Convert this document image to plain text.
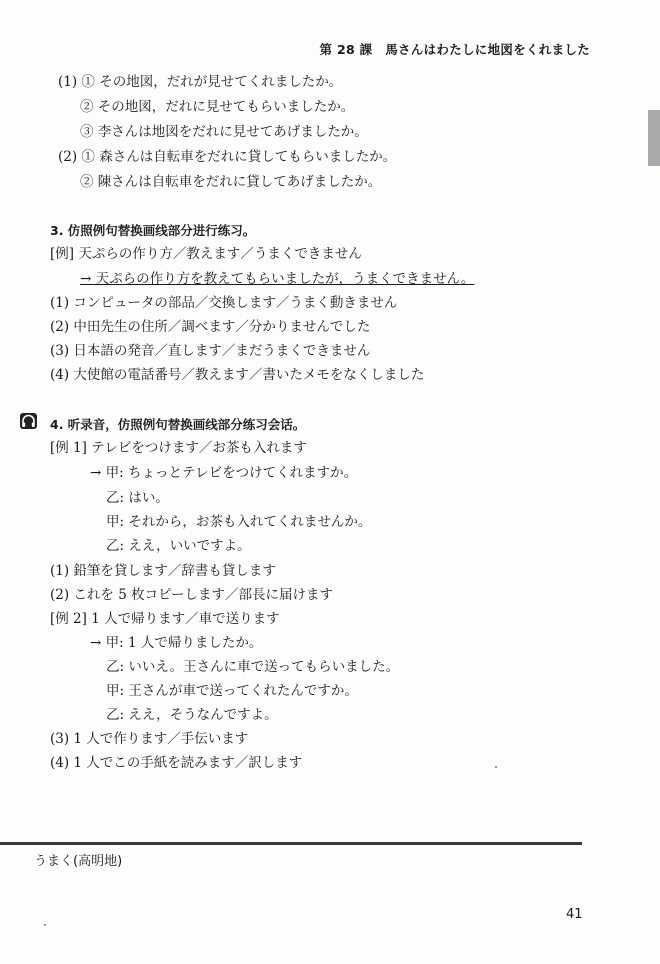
第 28 課　馬さんはわたしに地図をくれました
(1) ① その地図，だれが見せてくれましたか。
② その地図，だれに見せてもらいましたか。
③ 李さんは地図をだれに見せてあげましたか。
(2) ① 森さんは自転車をだれに貸してもらいましたか。
② 陳さんは自転車をだれに貸してあげましたか。
3. 仿照例句替换画线部分进行练习。
[例] 天ぷらの作り方／教えます／うまくできません
→ 天ぷらの作り方を教えてもらいましたが，うまくできません。
(1) コンピュータの部品／交換します／うまく動きません
(2) 中田先生の住所／調べます／分かりませんでした
(3) 日本語の発音／直します／まだうまくできません
(4) 大使館の電話番号／教えます／書いたメモをなくしました
4. 听录音，仿照例句替换画线部分练习会话。
[例 1] テレビをつけます／お茶も入れます
→ 甲: ちょっとテレビをつけてくれますか。
乙: はい。
甲: それから，お茶も入れてくれませんか。
乙: ええ，いいですよ。
(1) 鉛筆を貸します／辞書も貸します
(2) これを 5 枚コピーします／部長に届けます
[例 2] 1 人で帰ります／車で送ります
→ 甲: 1 人で帰りましたか。
乙: いいえ。王さんに車で送ってもらいました。
甲: 王さんが車で送ってくれたんですか。
乙: ええ，そうなんですよ。
(3) 1 人で作ります／手伝います
(4) 1 人でこの手紙を読みます／訳します
うまく(高明地)
41
